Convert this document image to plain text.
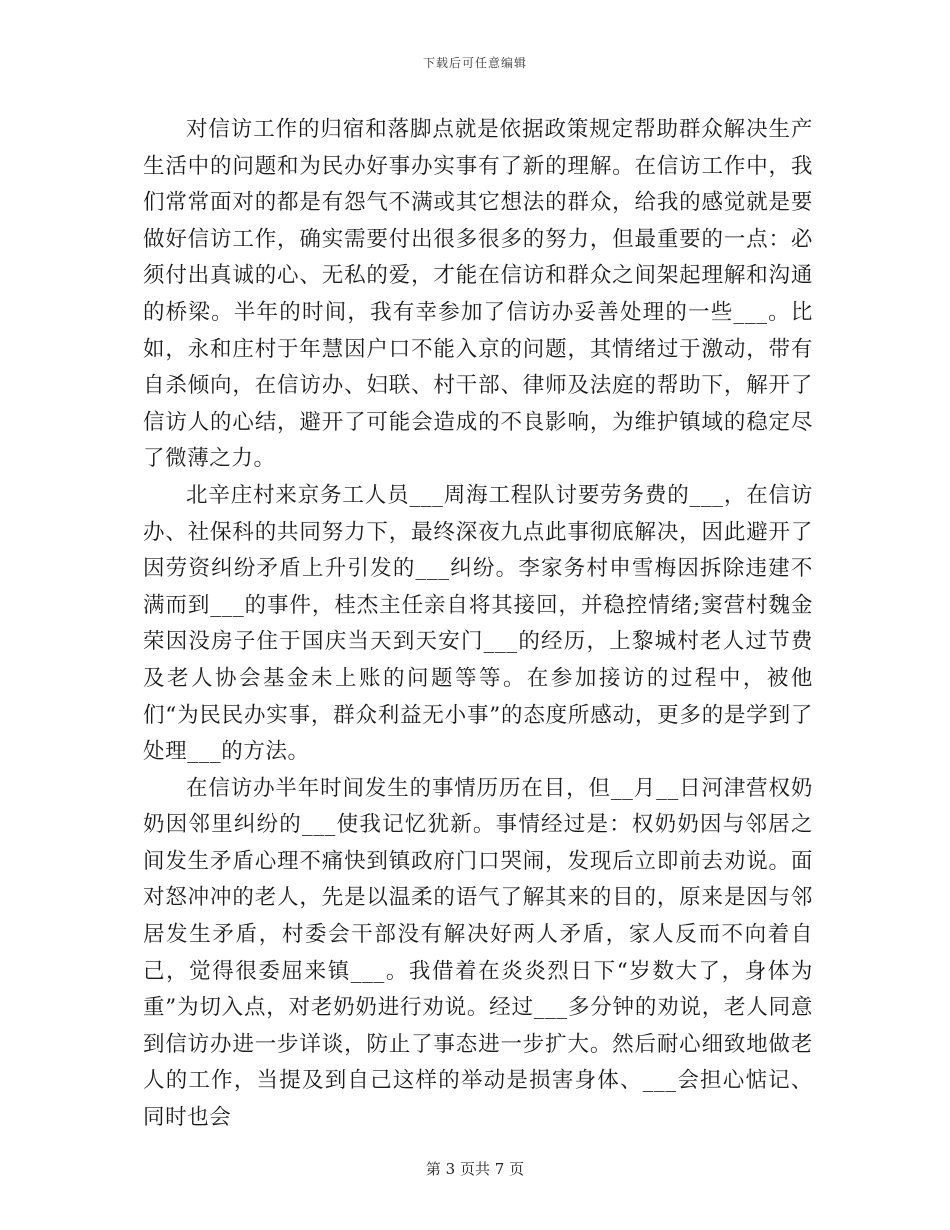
下载后可任意编辑

对信访工作的归宿和落脚点就是依据政策规定帮助群众解决生产生活中的问题和为民办好事办实事有了新的理解。在信访工作中，我们常常面对的都是有怨气不满或其它想法的群众，给我的感觉就是要做好信访工作，确实需要付出很多很多的努力，但最重要的一点：必须付出真诚的心、无私的爱，才能在信访和群众之间架起理解和沟通的桥梁。半年的时间，我有幸参加了信访办妥善处理的一些___。比如，永和庄村于年慧因户口不能入京的问题，其情绪过于激动，带有自杀倾向，在信访办、妇联、村干部、律师及法庭的帮助下，解开了信访人的心结，避开了可能会造成的不良影响，为维护镇域的稳定尽了微薄之力。

北辛庄村来京务工人员___周海工程队讨要劳务费的___，在信访办、社保科的共同努力下，最终深夜九点此事彻底解决，因此避开了因劳资纠纷矛盾上升引发的___纠纷。李家务村申雪梅因拆除违建不满而到___的事件，桂杰主任亲自将其接回，并稳控情绪;窦营村魏金荣因没房子住于国庆当天到天安门___的经历，上黎城村老人过节费及老人协会基金未上账的问题等等。在参加接访的过程中，被他们“为民民办实事，群众利益无小事”的态度所感动，更多的是学到了处理___的方法。

在信访办半年时间发生的事情历历在目，但__月__日河津营权奶奶因邻里纠纷的___使我记忆犹新。事情经过是：权奶奶因与邻居之间发生矛盾心理不痛快到镇政府门口哭闹，发现后立即前去劝说。面对怒冲冲的老人，先是以温柔的语气了解其来的目的，原来是因与邻居发生矛盾，村委会干部没有解决好两人矛盾，家人反而不向着自己，觉得很委屈来镇___。我借着在炎炎烈日下“岁数大了，身体为重”为切入点，对老奶奶进行劝说。经过___多分钟的劝说，老人同意到信访办进一步详谈，防止了事态进一步扩大。然后耐心细致地做老人的工作，当提及到自己这样的举动是损害身体、___会担心惦记、同时也会

第 3 页共 7 页
